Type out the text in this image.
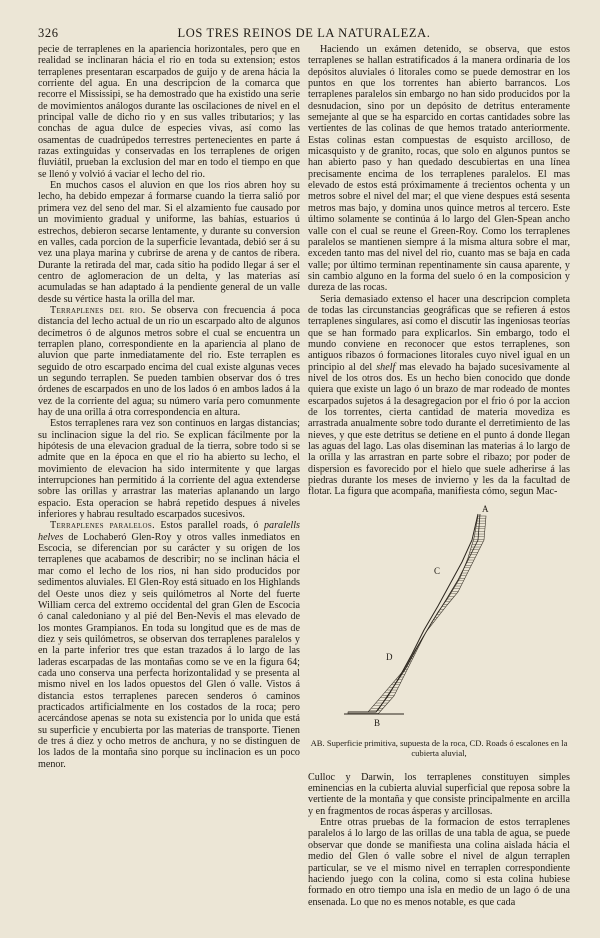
326	LOS TRES REINOS DE LA NATURALEZA.

pecie de terraplenes en la apariencia horizontales, pero que en realidad se inclinaran hácia el rio en toda su extension; estos terraplenes presentaran escarpados de guijo y de arena hácia la corriente del agua. En una descripcion de la comarca que recorre el Mississipi, se ha demostrado que ha existido una serie de movimientos análogos durante las oscilaciones de nivel en el principal valle de dicho rio y en sus valles tributarios; y las conchas de agua dulce de especies vivas, así como las osamentas de cuadrúpedos terrestres pertenecientes en parte á razas extinguidas y conservadas en los terraplenes de origen fluviátil, prueban la exclusion del mar en todo el tiempo en que se llenó y volvió á vaciar el lecho del rio.

En muchos casos el aluvion en que los rios abren hoy su lecho, ha debido empezar á formarse cuando la tierra salió por primera vez del seno del mar. Si el alzamiento fue causado por un movimiento gradual y uniforme, las bahías, estuarios ú estrechos, debieron secarse lentamente, y durante su conversion en valles, cada porcion de la superficie levantada, debió ser á su vez una playa marina y cubrirse de arena y de cantos de ribera. Durante la retirada del mar, cada sitio ha podido llegar á ser el centro de aglomeracion de un delta, y las materias así acumuladas se han adaptado á la pendiente general de un valle desde su vértice hasta la orilla del mar.

Terraplenes del rio. Se observa con frecuencia á poca distancia del lecho actual de un rio un escarpado alto de algunos decímetros ó de algunos metros sobre el cual se encuentra un terraplen plano, correspondiente en la apariencia al plano de aluvion que parte inmediatamente del rio. Este terraplen es seguido de otro escarpado encima del cual existe algunas veces un segundo terraplen. Se pueden tambien observar dos ó tres órdenes de escarpados en uno de los lados ó en ambos lados á la vez de la corriente del agua; su número varía pero comunmente hay de una orilla á otra correspondencia en altura.

Estos terraplenes rara vez son continuos en largas distancias; su inclinacion sigue la del rio. Se explican fácilmente por la hipótesis de una elevacion gradual de la tierra, sobre todo si se admite que en la época en que el rio ha abierto su lecho, el movimiento de elevacion ha sido intermitente y que largas interrupciones han permitido á la corriente del agua extenderse sobre las orillas y arrastrar las materias aplanando un largo espacio. Esta operacion se habrá repetido despues á niveles inferiores y habrau resultado escarpados sucesivos.

Terraplenes paralelos. Estos parallel roads, ó paralells helves de Lochaberó Glen-Roy y otros valles inmediatos en Escocia, se diferencian por su carácter y su origen de los terraplenes que acabamos de describir; no se inclinan hácia el mar como el lecho de los rios, ni han sido producidos por sedimentos aluviales. El Glen-Roy está situado en los Highlands del Oeste unos diez y seis quilómetros al Norte del fuerte William cerca del extremo occidental del gran Glen de Escocia ó canal caledoniano y al pié del Ben-Nevis el mas elevado de los montes Grampianos. En toda su longitud que es de mas de diez y seis quilómetros, se observan dos terraplenes paralelos y en la parte inferior tres que estan trazados á lo largo de las laderas escarpadas de las montañas como se ve en la figura 64; cada uno conserva una perfecta horizontalidad y se presenta al mismo nivel en los lados opuestos del Glen ó valle. Vistos á distancia estos terraplenes parecen senderos ó caminos practicados artificialmente en los costados de la roca; pero acercándose apenas se nota su existencia por lo unida que está su superficie y encubierta por las materias de transporte. Tienen de tres á diez y ocho metros de anchura, y no se distinguen de los lados de la montaña sino porque su inclinacion es un poco menor.

Haciendo un exámen detenido, se observa, que estos terraplenes se hallan estratificados á la manera ordinaria de los depósitos aluviales ó litorales como se puede demostrar en los puntos en que los torrentes han abierto barrancos. Los terraplenes paralelos sin embargo no han sido producidos por la desnudacion, sino por un depósito de detritus enteramente semejante al que se ha esparcido en cortas cantidades sobre las vertientes de las colinas de que hemos tratado anteriormente. Estas colinas estan compuestas de esquisto arcilloso, de micasquisto y de granito, rocas, que solo en algunos puntos se han abierto paso y han quedado descubiertas en una línea precisamente encima de los terraplenes paralelos. El mas elevado de estos está próximamente á trecientos ochenta y un metros sobre el nivel del mar; el que viene despues está sesenta metros mas bajo, y domina unos quince metros al tercero. Este último solamente se continúa á lo largo del Glen-Spean ancho valle con el cual se reune el Green-Roy. Como los terraplenes paralelos se mantienen siempre á la misma altura sobre el mar, exceden tanto mas del nivel del rio, cuanto mas se baja en cada valle; por último terminan repentinamente sin causa aparente, y sin cambio alguno en la forma del suelo ó en la composicion y dureza de las rocas.

Seria demasiado extenso el hacer una descripcion completa de todas las circunstancias geográficas que se refieren á estos terraplenes singulares, así como el discutir las ingeniosas teorías que se han formado para explicarlos. Sin embargo, todo el mundo conviene en reconocer que estos terraplenes, son antiguos ribazos ó formaciones litorales cuyo nivel igual en un principio al del shelf mas elevado ha bajado sucesivamente al nivel de los otros dos. Es un hecho bien conocido que donde quiera que existe un lago ó un brazo de mar rodeado de montes escarpados sujetos á la desagregacion por el frio ó por la accion de los torrentes, cierta cantidad de materia movediza es arrastrada anualmente sobre todo durante el derretimiento de las nieves, y que este detritus se detiene en el punto á donde llegan las aguas del lago. Las olas diseminan las materias á lo largo de la orilla y las arrastran en parte sobre el ribazo; por poder de dispersion es favorecido por el hielo que suele adherirse á las piedras durante los meses de invierno y les da la facultad de flotar. La figura que acompaña, manifiesta cómo, segun Mac-

A
B
C
D
AB. Superficie primitiva, supuesta de la roca, CD. Roads ó escalones en la cubierta aluvial,

Culloc y Darwin, los terraplenes constituyen simples eminencias en la cubierta aluvial superficial que reposa sobre la vertiente de la montaña y que consiste principalmente en arcilla y en fragmentos de rocas ásperas y arcillosas.

Entre otras pruebas de la formacion de estos terraplenes paralelos á lo largo de las orillas de una tabla de agua, se puede observar que donde se manifiesta una colina aislada hácia el medio del Glen ó valle sobre el nivel de algun terraplen particular, se ve el mismo nivel en terraplen correspondiente haciendo juego con la colina, como si esta colina hubiese formado en otro tiempo una isla en medio de un lago ó de una ensenada. Lo que no es menos notable, es que cada
